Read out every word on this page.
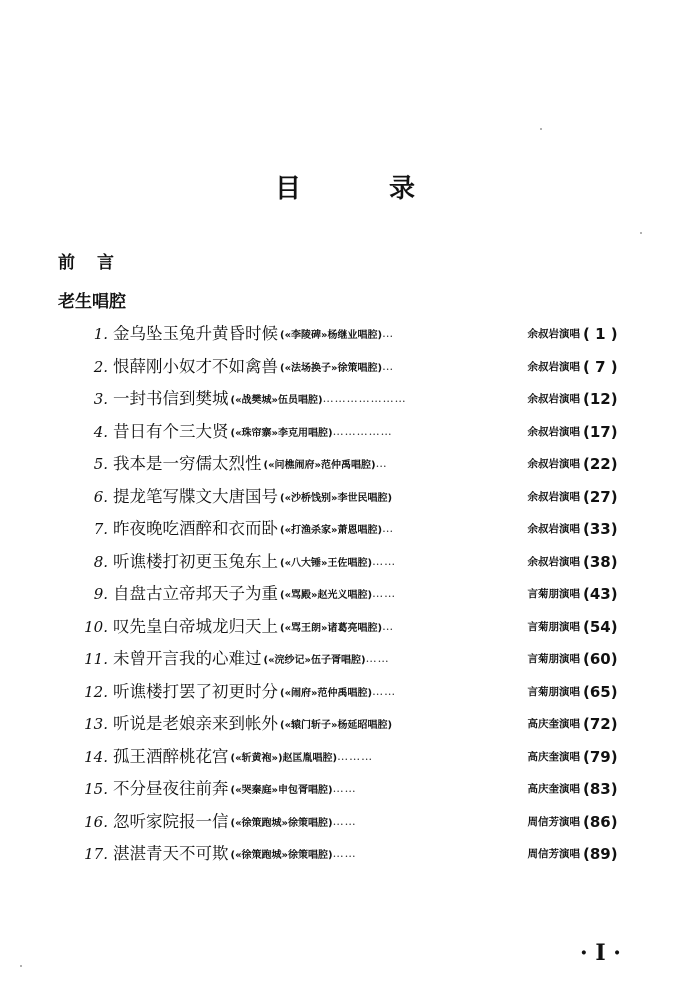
目	录
前言
老生唱腔
1. 金乌坠玉兔升黄昏时候 («李陵碑»杨继业唱腔)…	余叔岩演唱 ( 1 )
2. 恨薛刚小奴才不如禽兽 («法场换子»徐策唱腔)…	余叔岩演唱 ( 7 )
3. 一封书信到樊城 («战樊城»伍员唱腔)…………………	余叔岩演唱 (12)
4. 昔日有个三大贤 («珠帘寨»李克用唱腔)……………	余叔岩演唱 (17)
5. 我本是一穷儒太烈性 («问樵闹府»范仲禹唱腔)…	余叔岩演唱 (22)
6. 提龙笔写牒文大唐国号 («沙桥饯别»李世民唱腔)	余叔岩演唱 (27)
7. 昨夜晚吃酒醉和衣而卧 («打渔杀家»萧恩唱腔)…	余叔岩演唱 (33)
8. 听谯楼打初更玉兔东上 («八大锤»王佐唱腔)……	余叔岩演唱 (38)
9. 自盘古立帝邦天子为重 («骂殿»赵光义唱腔)……	言菊朋演唱 (43)
10. 叹先皇白帝城龙归天上 («骂王朗»诸葛亮唱腔)…	言菊朋演唱 (54)
11. 未曾开言我的心难过 («浣纱记»伍子胥唱腔)……	言菊朋演唱 (60)
12. 听谯楼打罢了初更时分 («闹府»范仲禹唱腔)……	言菊朋演唱 (65)
13. 听说是老娘亲来到帐外 («辕门斩子»杨延昭唱腔)	高庆奎演唱 (72)
14. 孤王酒醉桃花宫 («斩黄袍»)赵匡胤唱腔)………	高庆奎演唱 (79)
15. 不分昼夜往前奔 («哭秦庭»申包胥唱腔)……	高庆奎演唱 (83)
16. 忽听家院报一信 («徐策跑城»徐策唱腔)……	周信芳演唱 (86)
17. 湛湛青天不可欺 («徐策跑城»徐策唱腔)……	周信芳演唱 (89)
· I ·
